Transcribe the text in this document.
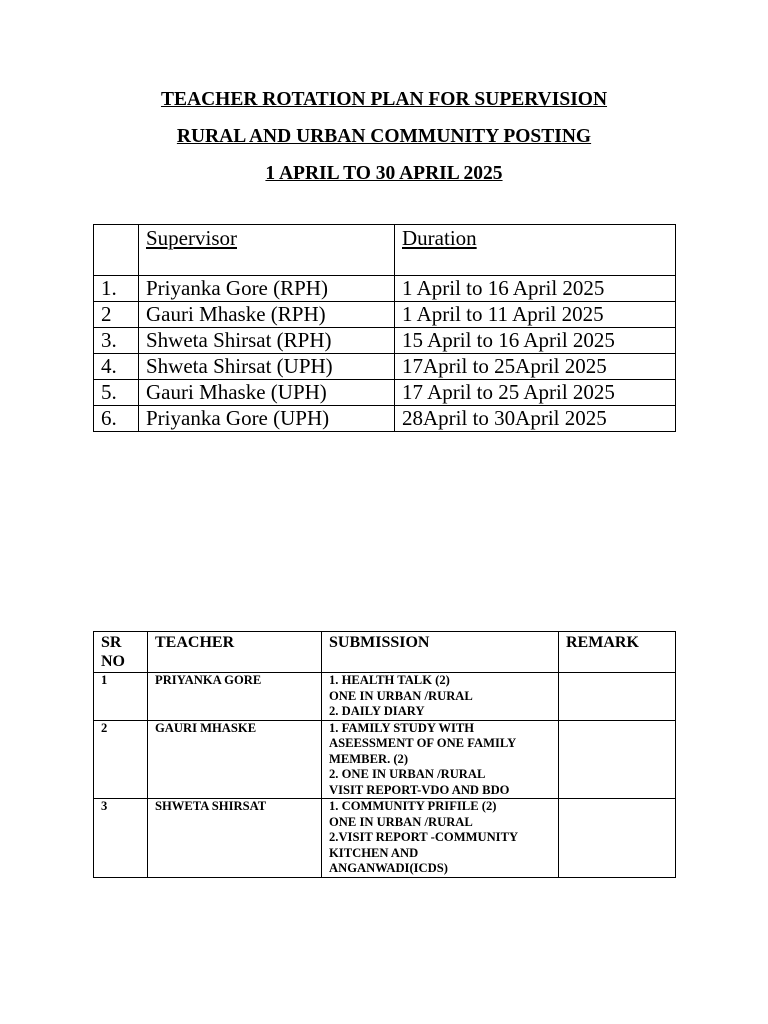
TEACHER ROTATION PLAN FOR SUPERVISION
RURAL AND URBAN COMMUNITY POSTING
1 APRIL TO 30 APRIL 2025
	Supervisor	Duration
1.	Priyanka Gore (RPH)	1 April to 16 April 2025
2	Gauri Mhaske (RPH)	1 April to 11 April 2025
3.	Shweta Shirsat (RPH)	15 April to 16 April 2025
4.	Shweta Shirsat (UPH)	17April to 25April 2025
5.	Gauri Mhaske (UPH)	17 April to 25 April 2025
6.	Priyanka Gore (UPH)	28April to 30April 2025
SR
NO	TEACHER	SUBMISSION	REMARK
1	PRIYANKA GORE	1. HEALTH TALK (2)
ONE IN URBAN /RURAL
2. DAILY DIARY	

2	GAURI MHASKE	1. FAMILY STUDY WITH
ASEESSMENT OF ONE FAMILY
MEMBER. (2)
2. ONE IN URBAN /RURAL
VISIT REPORT-VDO AND BDO	

3	SHWETA SHIRSAT	1. COMMUNITY PRIFILE (2)
ONE IN URBAN /RURAL
2.VISIT REPORT -COMMUNITY
KITCHEN AND
ANGANWADI(ICDS)	
